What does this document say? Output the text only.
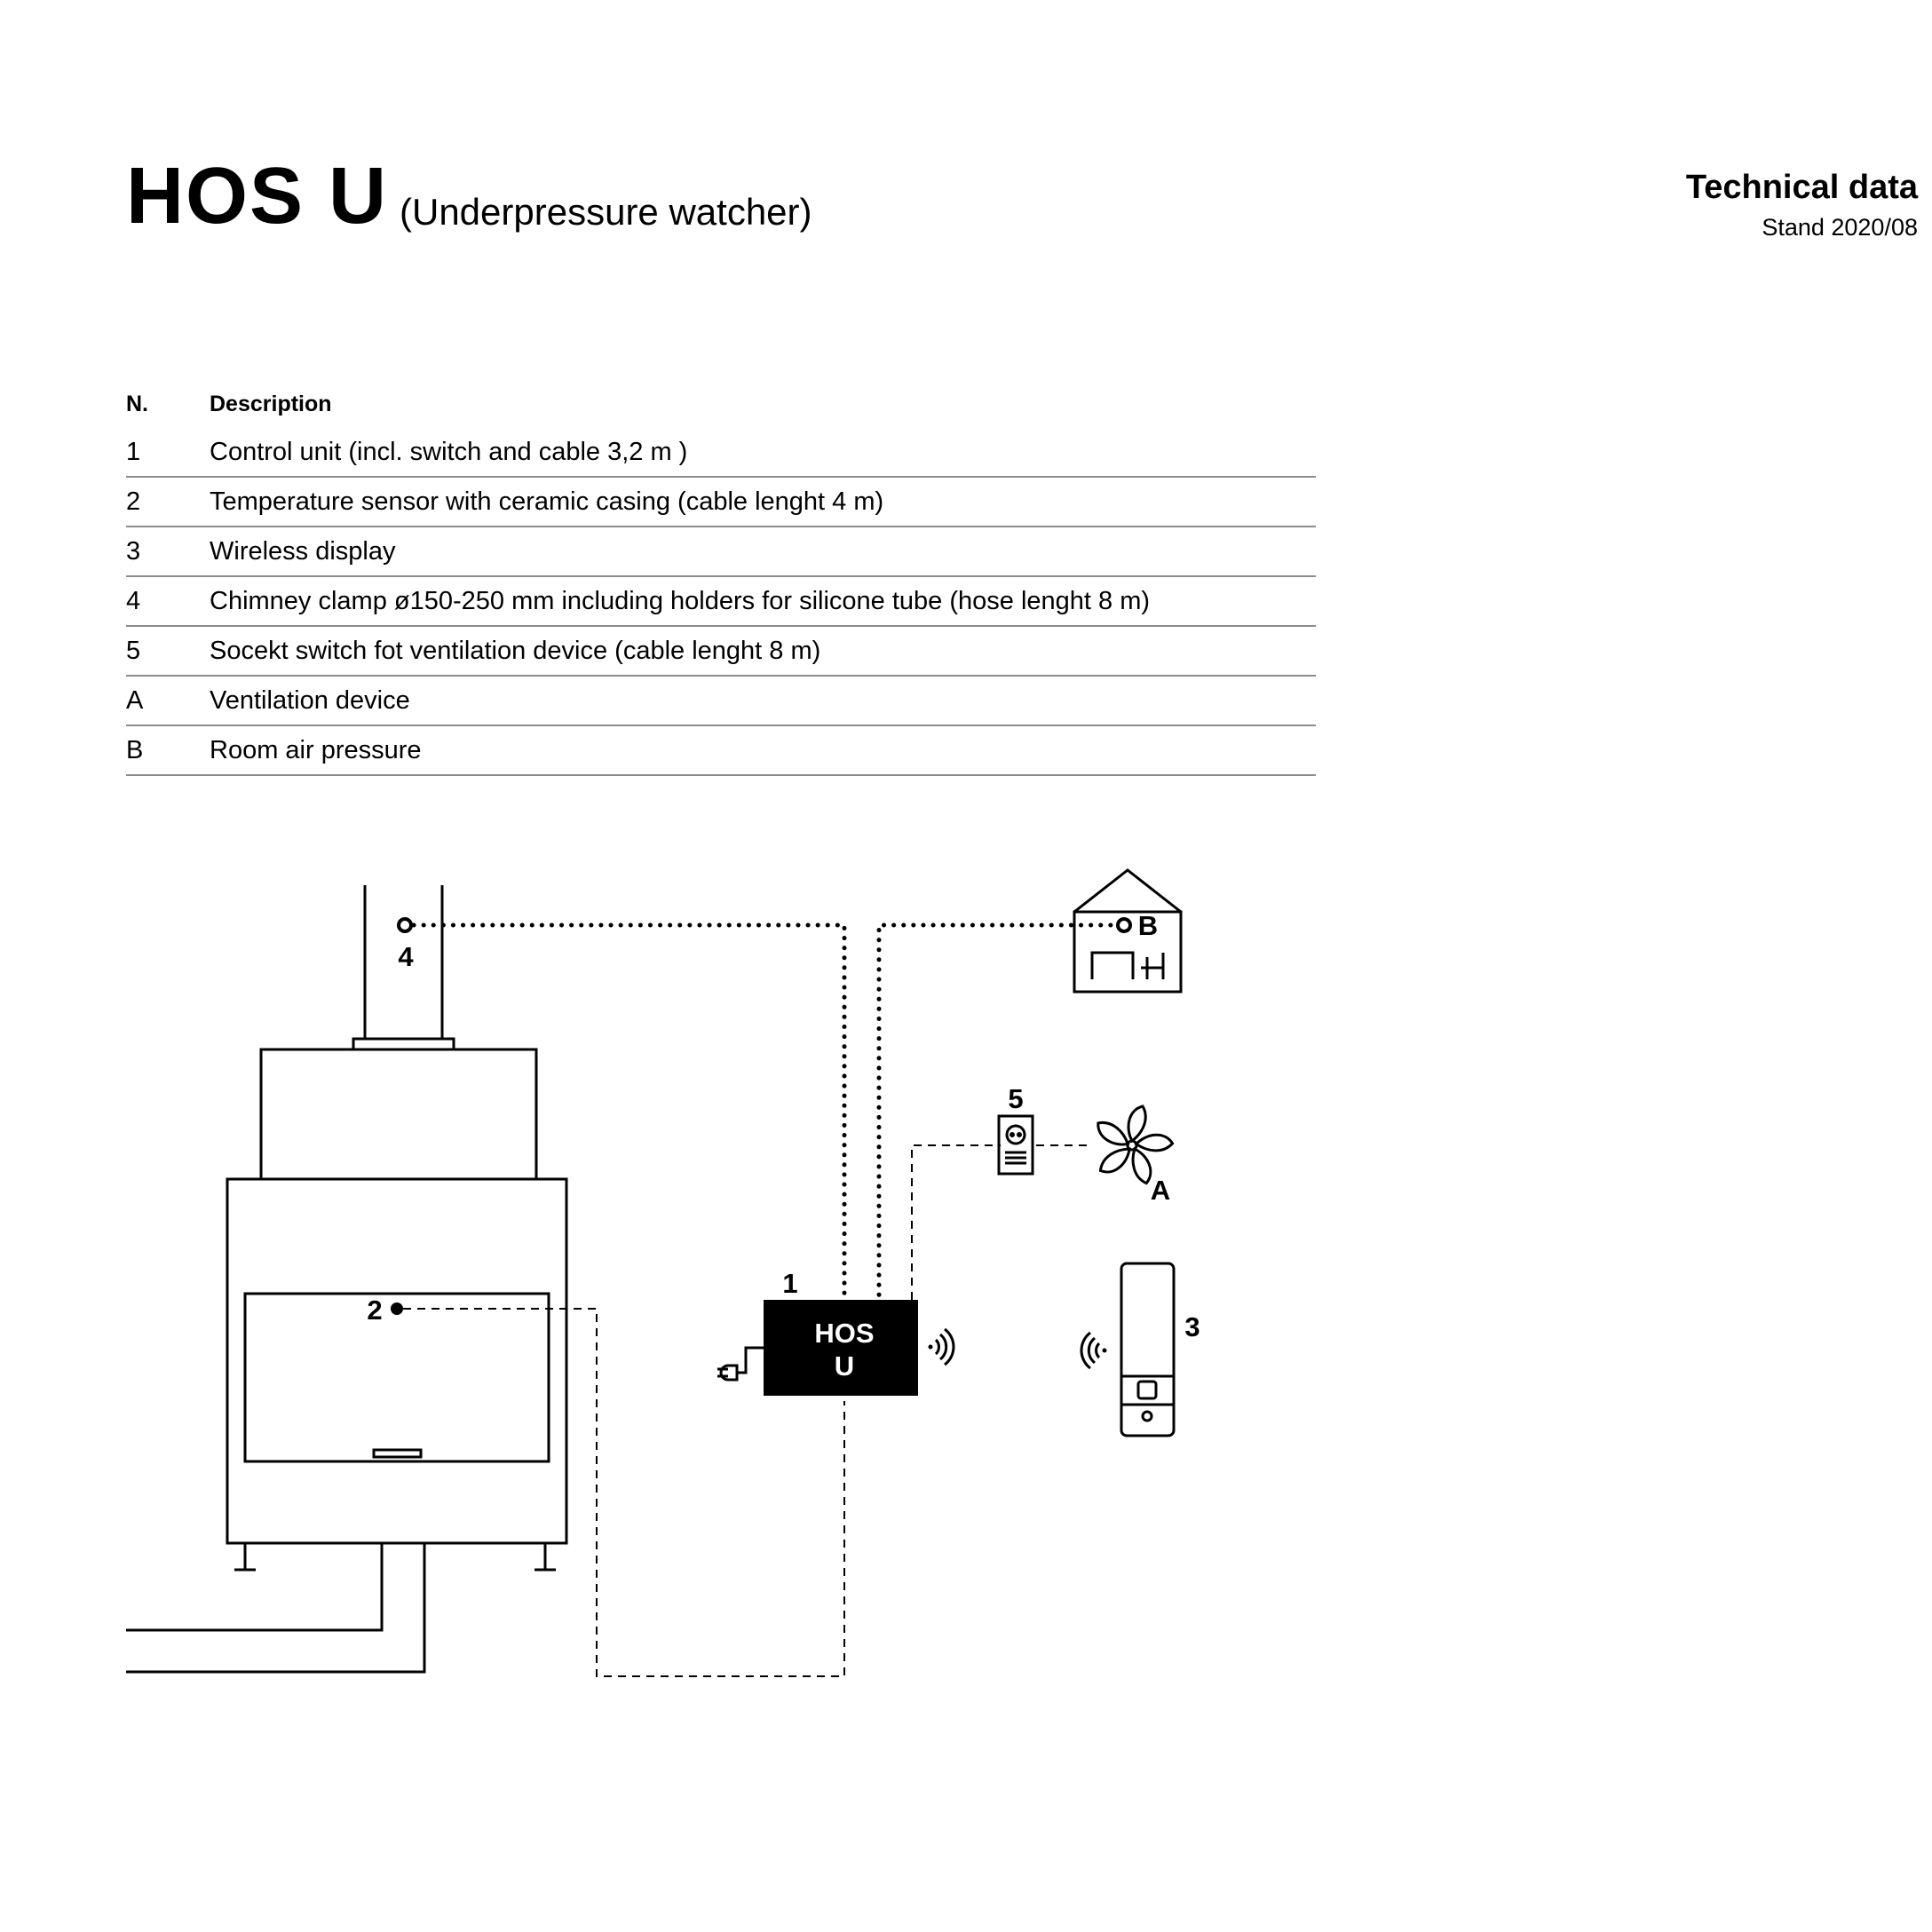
HOS U (Underpressure watcher)
Technical data
Stand 2020/08
N.	Description
1	Control unit (incl. switch and cable 3,2 m )
2	Temperature sensor with ceramic casing (cable lenght 4 m)
3	Wireless display
4	Chimney clamp ø150-250 mm including holders for silicone tube (hose lenght 8 m)
5	Socekt switch fot ventilation device (cable lenght 8 m)
A	Ventilation device
B	Room air pressure
4
2
HOS
U
1
B
5
A
3
